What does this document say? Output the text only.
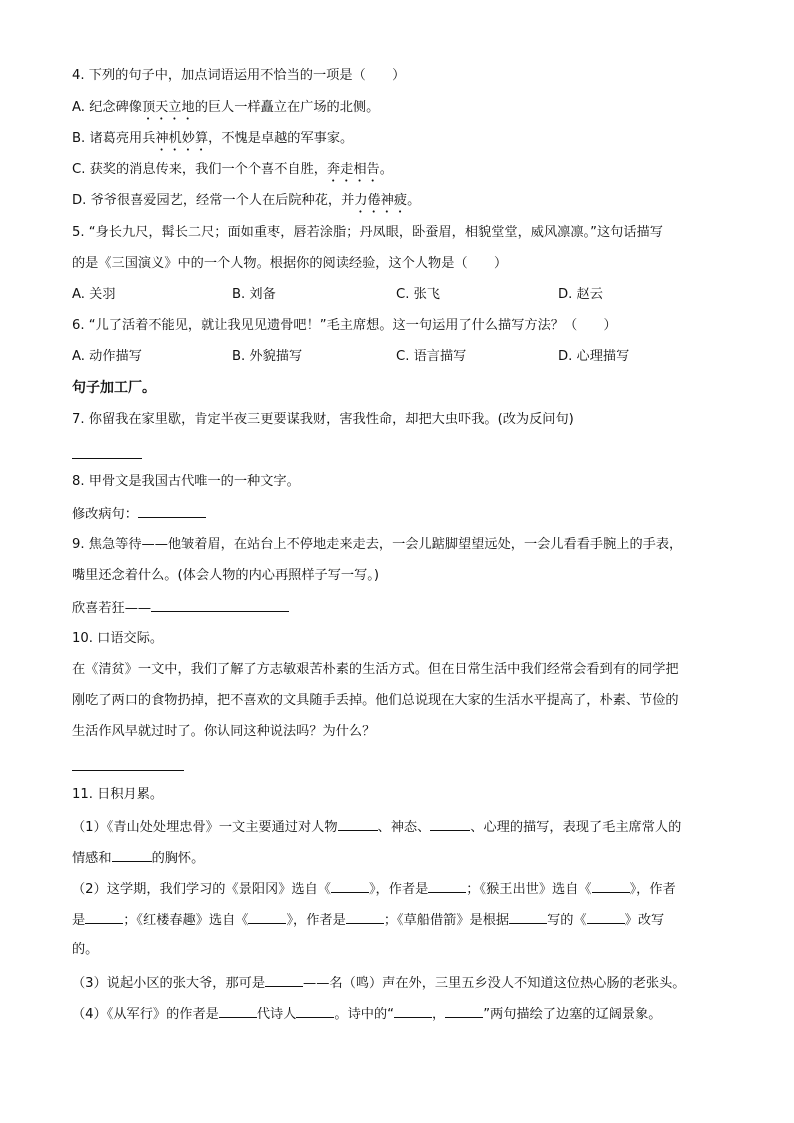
4. 下列的句子中，加点词语运用不恰当的一项是（　　）
A. 纪念碑像顶天立地的巨人一样矗立在广场的北侧。
B. 诸葛亮用兵神机妙算，不愧是卓越的军事家。
C. 获奖的消息传来，我们一个个喜不自胜，奔走相告。
D. 爷爷很喜爱园艺，经常一个人在后院种花，并力倦神疲。
5. “身长九尺，髯长二尺；面如重枣，唇若涂脂；丹凤眼，卧蚕眉，相貌堂堂，威风凛凛。”这句话描写
的是《三国演义》中的一个人物。根据你的阅读经验，这个人物是（　　）
A. 关羽	B. 刘备	C. 张飞	D. 赵云
6. “儿了活着不能见，就让我见见遗骨吧！”毛主席想。这一句运用了什么描写方法？（　　）
A. 动作描写	B. 外貌描写	C. 语言描写	D. 心理描写
句子加工厂。
7. 你留我在家里歇，肯定半夜三更要谋我财，害我性命，却把大虫吓我。(改为反问句)
8. 甲骨文是我国古代唯一的一种文字。
修改病句：
9. 焦急等待——他皱着眉，在站台上不停地走来走去，一会儿踮脚望望远处，一会儿看看手腕上的手表，
嘴里还念着什么。(体会人物的内心再照样子写一写。)
欣喜若狂——
10. 口语交际。
在《清贫》一文中，我们了解了方志敏艰苦朴素的生活方式。但在日常生活中我们经常会看到有的同学把
刚吃了两口的食物扔掉，把不喜欢的文具随手丢掉。他们总说现在大家的生活水平提高了，朴素、节俭的
生活作风早就过时了。你认同这种说法吗？为什么？
11. 日积月累。
（1）《青山处处埋忠骨》一文主要通过对人物	、神态、	、心理的描写，表现了毛主席常人的
情感和	的胸怀。
（2）这学期，我们学习的《景阳冈》选自《	》，作者是	；《猴王出世》选自《	》，作者
是	；《红楼春趣》选自《	》，作者是	；《草船借箭》是根据	写的《	》改写
的。
（3）说起小区的张大爷，那可是	——名（鸣）声在外，三里五乡没人不知道这位热心肠的老张头。
（4）《从军行》的作者是	代诗人	。诗中的“	，	”两句描绘了边塞的辽阔景象。
